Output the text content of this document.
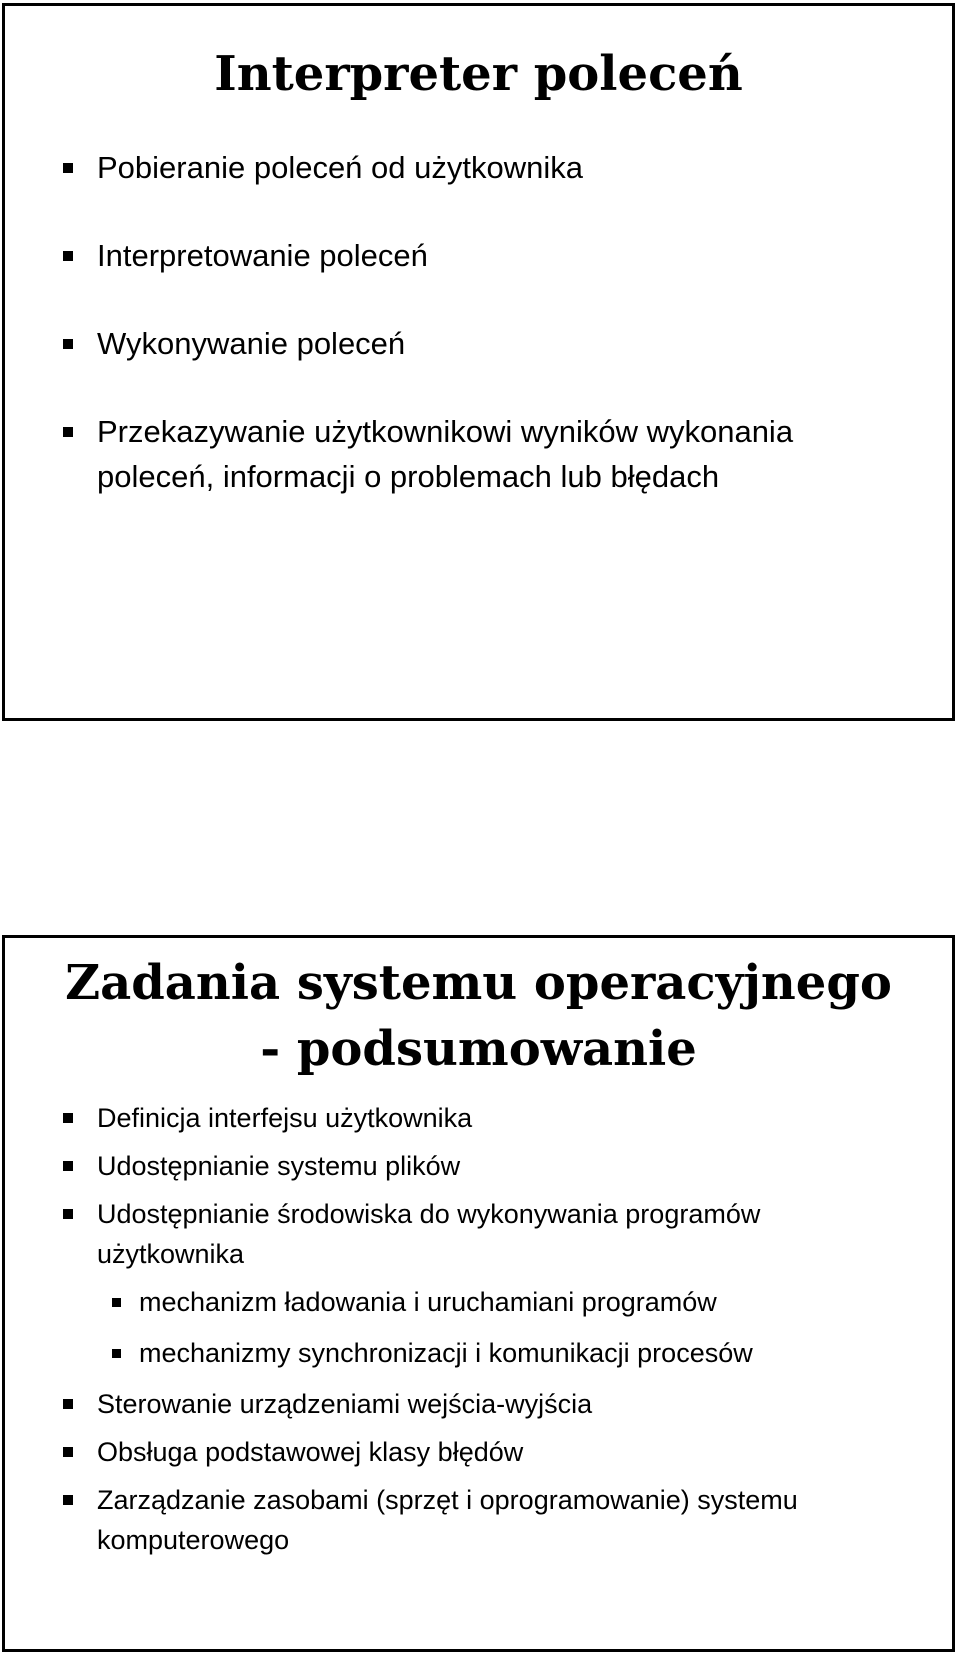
Interpreter poleceń
Pobieranie poleceń od użytkownika
Interpretowanie poleceń
Wykonywanie poleceń
Przekazywanie użytkownikowi wyników wykonania poleceń, informacji o problemach lub błędach
Zadania systemu operacyjnego - podsumowanie
Definicja interfejsu użytkownika
Udostępnianie systemu plików
Udostępnianie środowiska do wykonywania programów użytkownika
mechanizm ładowania i uruchamiani programów
mechanizmy synchronizacji i komunikacji procesów
Sterowanie urządzeniami wejścia-wyjścia
Obsługa podstawowej klasy błędów
Zarządzanie zasobami (sprzęt i oprogramowanie) systemu komputerowego
